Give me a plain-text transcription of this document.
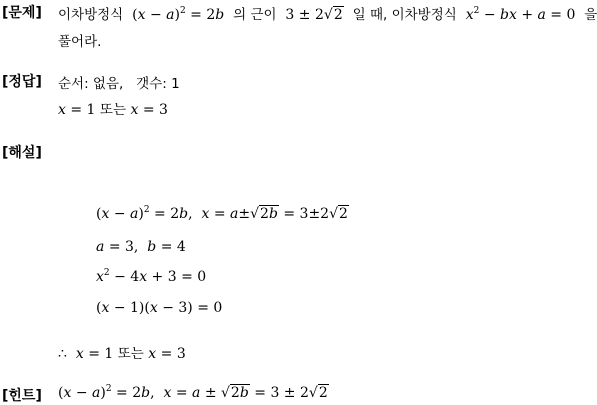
[문제] 이차방정식 $(x - a)^2 = 2b$  의 근이  3 ± 2√2 일 때, 이차방정식  $x^2$ − bx + a = 0 을
풀어라.
[정답] 순서: 없음,   갯수: 1
x = 1 또는 x = 3
[해설]
$(x - a)^2 = 2b$, x = a±√2b = 3±2√2
a = 3, b = 4
$x^2 - 4x + 3 = 0$
(x − 1)(x − 3) = 0
∴ x = 1 또는 x = 3
[힌트] $(x - a)^2 = 2b$, x = a ± √2b = 3 ± 2√2
